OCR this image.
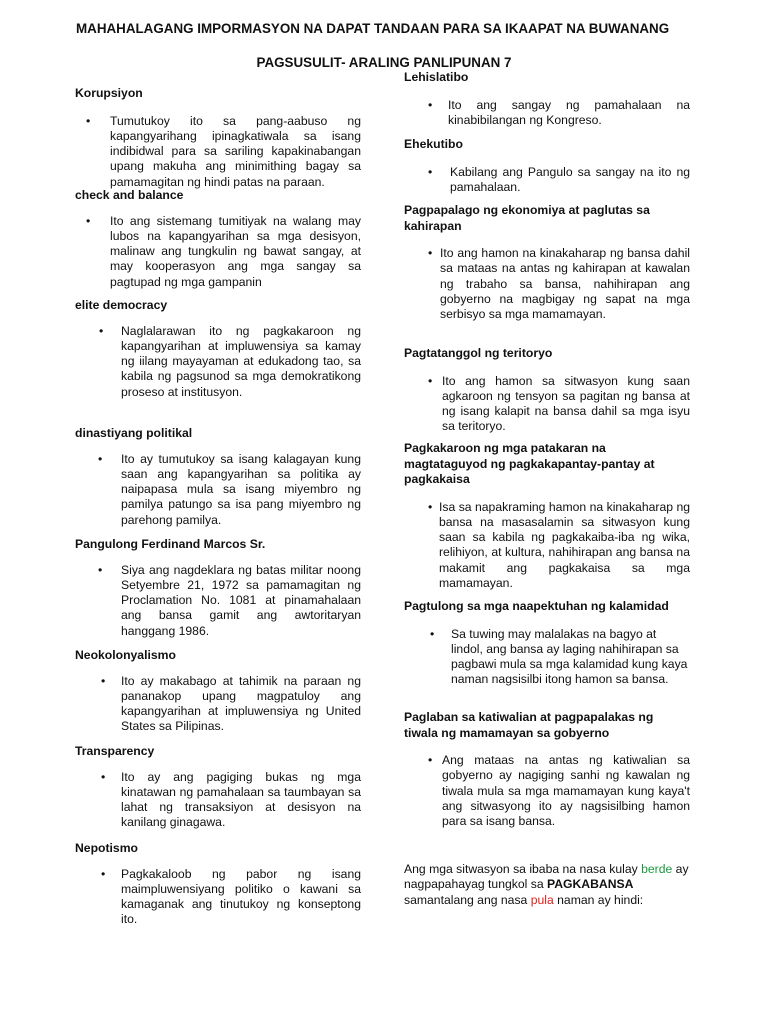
MAHAHALAGANG IMPORMASYON NA DAPAT TANDAAN PARA SA IKAAPAT NA BUWANANG
PAGSUSULIT- ARALING PANLIPUNAN 7
Korupsiyon
• Tumutukoy ito sa pang-aabuso ng kapangyarihang ipinagkatiwala sa isang indibidwal para sa sariling kapakinabangan upang makuha ang minimithing bagay sa pamamagitan ng hindi patas na paraan.

check and balance
• Ito ang sistemang tumitiyak na walang may lubos na kapangyarihan sa mga desisyon, malinaw ang tungkulin ng bawat sangay, at may kooperasyon ang mga sangay sa pagtupad ng mga gampanin

elite democracy
• Naglalarawan ito ng pagkakaroon ng kapangyarihan at impluwensiya sa kamay ng iilang mayayaman at edukadong tao, sa kabila ng pagsunod sa mga demokratikong proseso at institusyon.

dinastiyang politikal
• Ito ay tumutukoy sa isang kalagayan kung saan ang kapangyarihan sa politika ay naipapasa mula sa isang miyembro ng pamilya patungo sa isa pang miyembro ng parehong pamilya.

Pangulong Ferdinand Marcos Sr.
• Siya ang nagdeklara ng batas militar noong Setyembre 21, 1972 sa pamamagitan ng Proclamation No. 1081 at pinamahalaan ang bansa gamit ang awtoritaryan hanggang 1986.

Neokolonyalismo
• Ito ay makabago at tahimik na paraan ng pananakop upang magpatuloy ang kapangyarihan at impluwensiya ng United States sa Pilipinas.

Transparency
• Ito ay ang pagiging bukas ng mga kinatawan ng pamahalaan sa taumbayan sa lahat ng transaksiyon at desisyon na kanilang ginagawa.

Nepotismo
• Pagkakaloob ng pabor ng isang maimpluwensiyang politiko o kawani sa kamaganak ang tinutukoy ng konseptong ito.

Lehislatibo
• Ito ang sangay ng pamahalaan na kinabibilangan ng Kongreso.

Ehekutibo
• Kabilang ang Pangulo sa sangay na ito ng pamahalaan.

Pagpapalago ng ekonomiya at paglutas sa kahirapan
• Ito ang hamon na kinakaharap ng bansa dahil sa mataas na antas ng kahirapan at kawalan ng trabaho sa bansa, nahihirapan ang gobyerno na magbigay ng sapat na mga serbisyo sa mga mamamayan.

Pagtatanggol ng teritoryo
• Ito ang hamon sa sitwasyon kung saan agkaroon ng tensyon sa pagitan ng bansa at ng isang kalapit na bansa dahil sa mga isyu sa teritoryo.

Pagkakaroon ng mga patakaran na magtataguyod ng pagkakapantay-pantay at pagkakaisa
• Isa sa napakraming hamon na kinakaharap ng bansa na masasalamin sa sitwasyon kung saan sa kabila ng pagkakaiba-iba ng wika, relihiyon, at kultura, nahihirapan ang bansa na makamit ang pagkakaisa sa mga mamamayan.

Pagtulong sa mga naapektuhan ng kalamidad
• Sa tuwing may malalakas na bagyo at lindol, ang bansa ay laging nahihirapan sa pagbawi mula sa mga kalamidad kung kaya naman nagsisilbi itong hamon sa bansa.

Paglaban sa katiwalian at pagpapalakas ng tiwala ng mamamayan sa gobyerno
• Ang mataas na antas ng katiwalian sa gobyerno ay nagiging sanhi ng kawalan ng tiwala mula sa mga mamamayan kung kaya't ang sitwasyong ito ay nagsisilbing hamon para sa isang bansa.

Ang mga sitwasyon sa ibaba na nasa kulay berde ay nagpapahayag tungkol sa PAGKABANSA samantalang ang nasa pula naman ay hindi:
